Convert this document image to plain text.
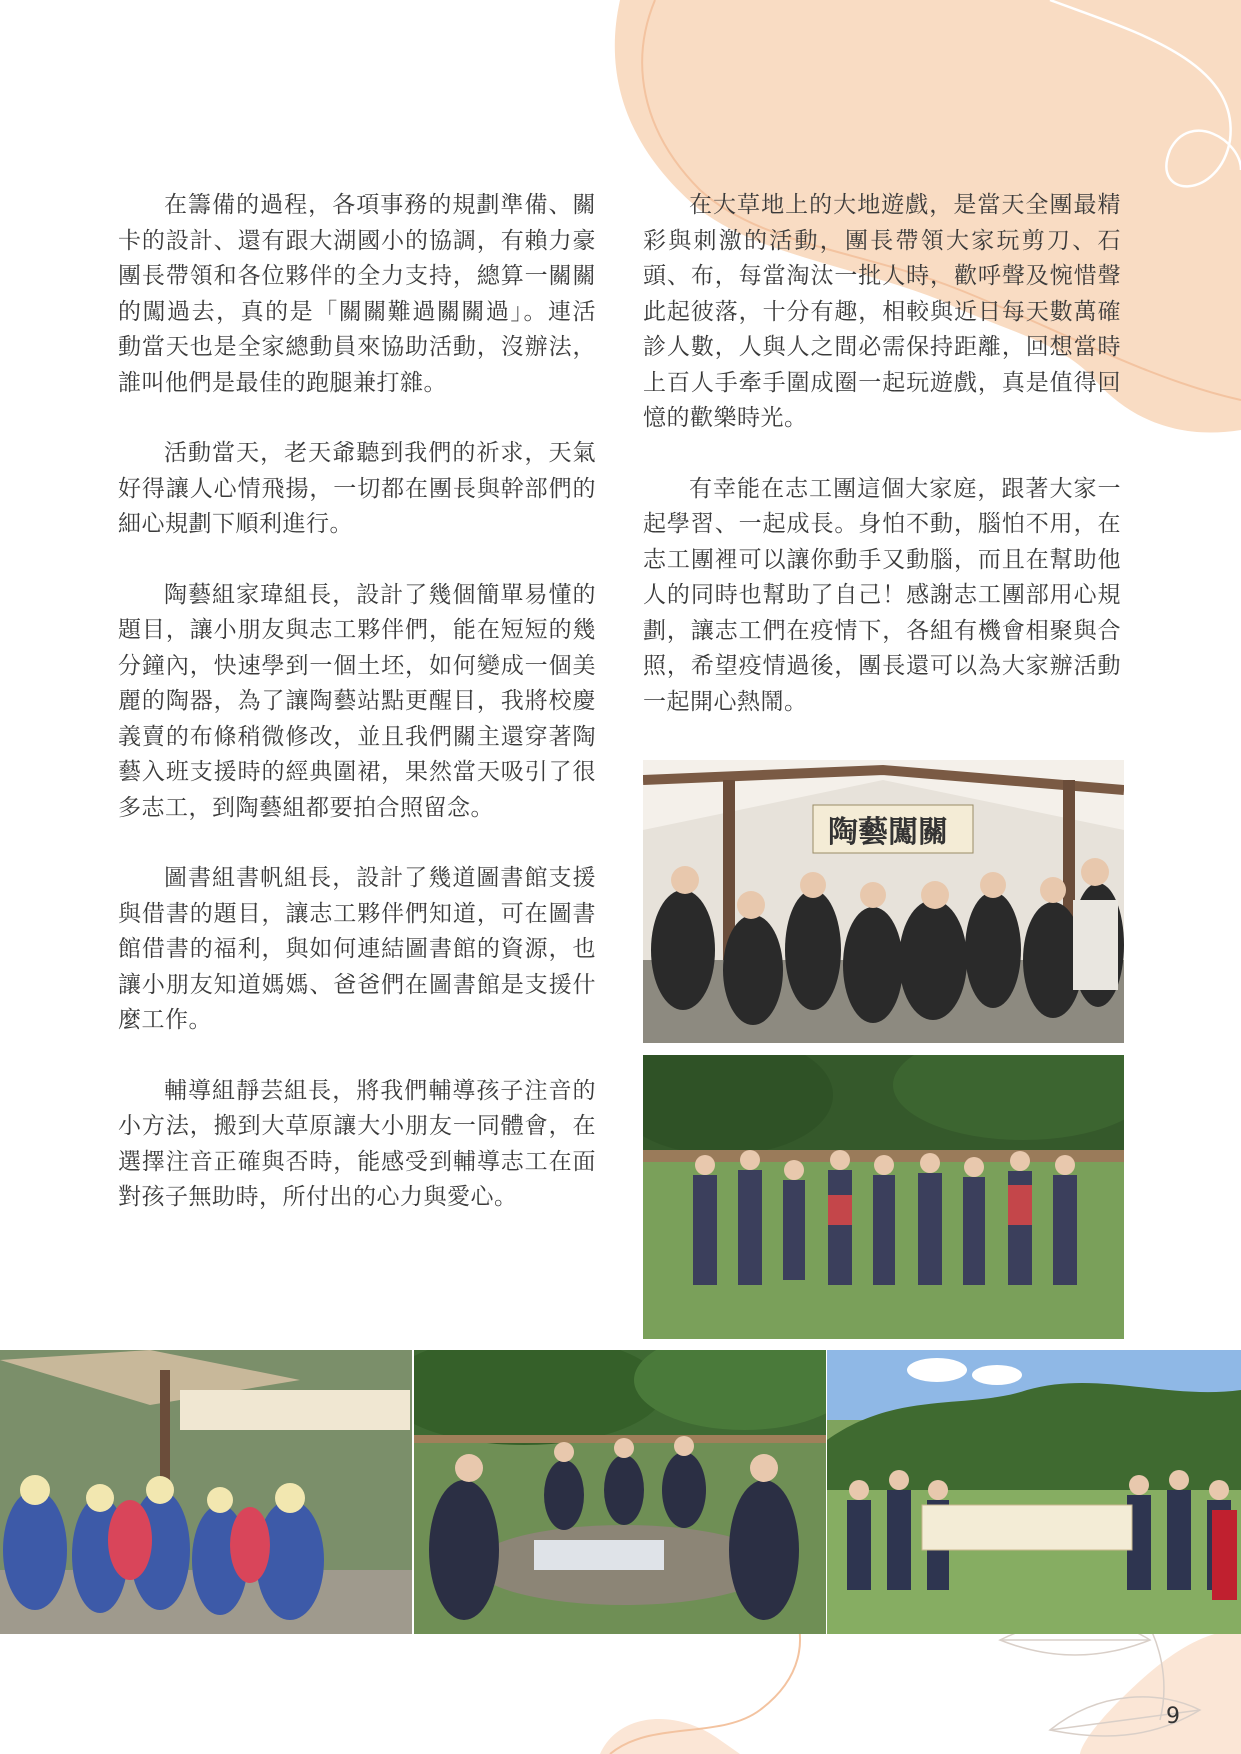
在籌備的過程，各項事務的規劃準備、關卡的設計、還有跟大湖國小的協調，有賴力豪團長帶領和各位夥伴的全力支持，總算一關關的闖過去，真的是「關關難過關關過」。連活動當天也是全家總動員來協助活動，沒辦法，誰叫他們是最佳的跑腿兼打雜。

活動當天，老天爺聽到我們的祈求，天氣好得讓人心情飛揚，一切都在團長與幹部們的細心規劃下順利進行。

陶藝組家瑋組長，設計了幾個簡單易懂的題目，讓小朋友與志工夥伴們，能在短短的幾分鐘內，快速學到一個土坯，如何變成一個美麗的陶器，為了讓陶藝站點更醒目，我將校慶義賣的布條稍微修改，並且我們關主還穿著陶藝入班支援時的經典圍裙，果然當天吸引了很多志工，到陶藝組都要拍合照留念。

圖書組書帆組長，設計了幾道圖書館支援與借書的題目，讓志工夥伴們知道，可在圖書館借書的福利，與如何連結圖書館的資源，也讓小朋友知道媽媽、爸爸們在圖書館是支援什麼工作。

輔導組靜芸組長，將我們輔導孩子注音的小方法，搬到大草原讓大小朋友一同體會，在選擇注音正確與否時，能感受到輔導志工在面對孩子無助時，所付出的心力與愛心。

在大草地上的大地遊戲，是當天全團最精彩與刺激的活動，團長帶領大家玩剪刀、石頭、布，每當淘汰一批人時，歡呼聲及惋惜聲此起彼落，十分有趣，相較與近日每天數萬確診人數，人與人之間必需保持距離，回想當時上百人手牽手圍成圈一起玩遊戲，真是值得回憶的歡樂時光。

有幸能在志工團這個大家庭，跟著大家一起學習、一起成長。身怕不動，腦怕不用，在志工團裡可以讓你動手又動腦，而且在幫助他人的同時也幫助了自己！感謝志工團部用心規劃，讓志工們在疫情下，各組有機會相聚與合照，希望疫情過後，團長還可以為大家辦活動一起開心熱鬧。

陶藝闖關
9
